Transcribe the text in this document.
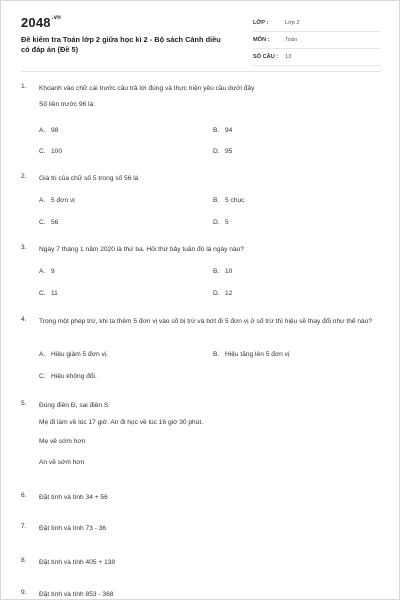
$2048^{.vn}$
Đề kiểm tra Toán lớp 2 giữa học kì 2 - Bộ sách Cánh diều có đáp án (Đề 5)
LỚP :	Lớp 2
MÔN :	Toán
SỐ CÂU : 13
1. Khoanh vào chữ cái trước câu trả lời đúng và thực hiện yêu cầu dưới đây
Số liền trước 96 là:
A. 98	B. 94
C. 100	D. 95
2. Giá trị của chữ số 5 trong số 56 là
A. 5 đơn vị	B. 5 chục
C. 56	D. 5
3. Ngày 7 tháng 1 năm 2020 là thứ ba. Hỏi thứ bảy tuần đó là ngày nào?
A. 9	B. 10
C. 11	D. 12
4. Trong một phép trừ, khi ta thêm 5 đơn vị vào số bị trừ và bớt đi 5 đơn vị ở số trừ thì hiệu sẽ thay đổi như thế nào?
A. Hiệu giảm 5 đơn vị.	B. Hiệu tăng lên 5 đơn vị
C. Hiệu không đổi.
5. Đúng điền Đ, sai điền S
Mẹ đi làm về lúc 17 giờ. An đi học về lúc 16 giờ 30 phút.
Mẹ về sớm hơn
An về sớm hơn
6. Đặt tính và tính 34 + 56
7. Đặt tính và tính 73 - 36
8. Đặt tính và tính 405 + 138
9. Đặt tính và tính 853 - 368
